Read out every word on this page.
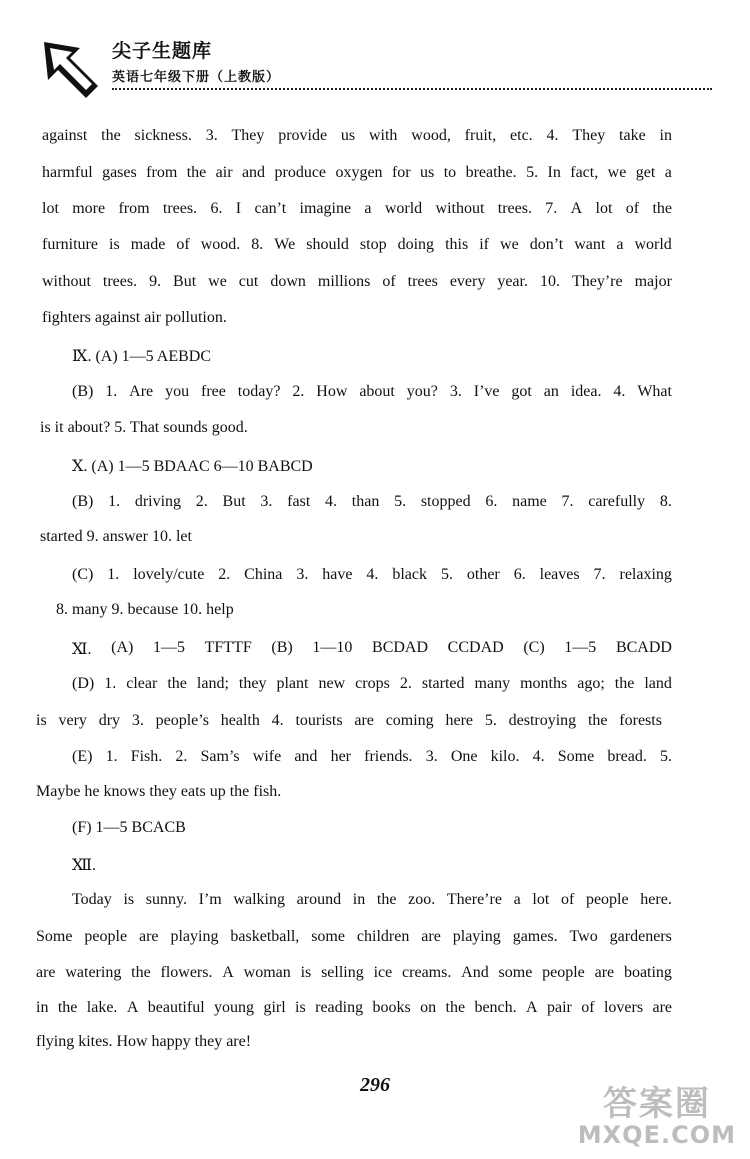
尖子生题库
英语七年级下册（上教版）
against the sickness. 3. They provide us with wood, fruit, etc. 4. They take in
harmful gases from the air and produce oxygen for us to breathe. 5. In fact, we get a
lot more from trees. 6. I can’t imagine a world without trees. 7. A lot of the
furniture is made of wood. 8. We should stop doing this if we don’t want a world
without trees. 9. But we cut down millions of trees every year. 10. They’re major
fighters against air pollution.
Ⅸ. (A) 1—5 AEBDC
(B) 1. Are you free today? 2. How about you? 3. I’ve got an idea. 4. What
is it about? 5. That sounds good.
Ⅹ. (A) 1—5 BDAAC 6—10 BABCD
(B) 1. driving 2. But 3. fast 4. than 5. stopped 6. name 7. carefully 8.
started 9. answer 10. let
(C) 1. lovely/cute 2. China 3. have 4. black 5. other 6. leaves 7. relaxing
8. many 9. because 10. help
Ⅺ. (A) 1—5 TFTTF (B) 1—10 BCDAD CCDAD (C) 1—5 BCADD
(D) 1. clear the land; they plant new crops 2. started many months ago; the land
is very dry 3. people’s health 4. tourists are coming here 5. destroying the forests
(E) 1. Fish. 2. Sam’s wife and her friends. 3. One kilo. 4. Some bread. 5.
Maybe he knows they eats up the fish.
(F) 1—5 BCACB
Ⅻ.
Today is sunny. I’m walking around in the zoo. There’re a lot of people here.
Some people are playing basketball, some children are playing games. Two gardeners
are watering the flowers. A woman is selling ice creams. And some people are boating
in the lake. A beautiful young girl is reading books on the bench. A pair of lovers are
flying kites. How happy they are!
296	答案圈
MXQE.COM
